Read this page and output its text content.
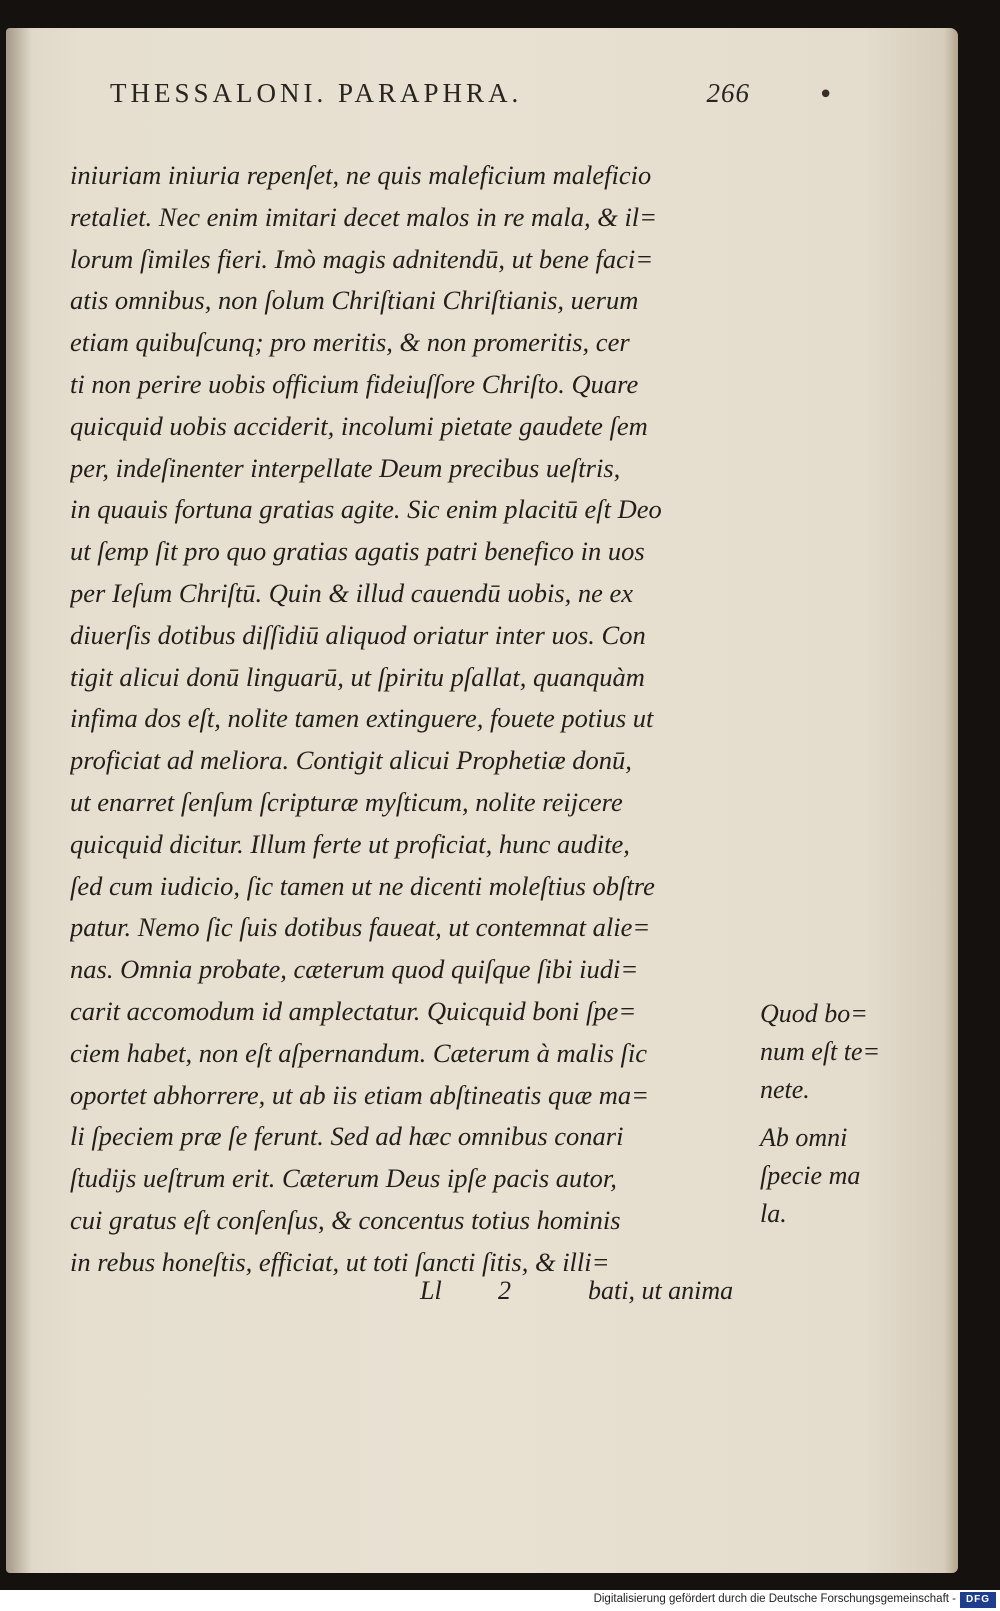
THESSALONI. PARAPHRA.	266	•
iniuriam iniuria repenſet, ne quis maleficium maleficio
retaliet. Nec enim imitari decet malos in re mala, & il=
lorum ſimiles fieri. Imò magis adnitendū, ut bene faci=
atis omnibus, non ſolum Chriſtiani Chriſtianis, uerum
etiam quibuſcunq; pro meritis, & non promeritis, cer
ti non perire uobis officium fideiuſſore Chriſto. Quare
quicquid uobis acciderit, incolumi pietate gaudete ſem
per, indeſinenter interpellate Deum precibus ueſtris,
in quauis fortuna gratias agite. Sic enim placitū eſt Deo
ut ſemp ſit pro quo gratias agatis patri benefico in uos
per Ieſum Chriſtū. Quin & illud cauendū uobis, ne ex
diuerſis dotibus diſſidiū aliquod oriatur inter uos. Con
tigit alicui donū linguarū, ut ſpiritu pſallat, quanquàm
infima dos eſt, nolite tamen extinguere, fouete potius ut
proficiat ad meliora. Contigit alicui Prophetiæ donū,
ut enarret ſenſum ſcripturæ myſticum, nolite reijcere
quicquid dicitur. Illum ferte ut proficiat, hunc audite,
ſed cum iudicio, ſic tamen ut ne dicenti moleſtius obſtre
patur. Nemo ſic ſuis dotibus faueat, ut contemnat alie=
nas. Omnia probate, cæterum quod quiſque ſibi iudi=
carit accomodum id amplectatur. Quicquid boni ſpe=
ciem habet, non eſt aſpernandum. Cæterum à malis ſic
oportet abhorrere, ut ab iis etiam abſtineatis quæ ma=
li ſpeciem præ ſe ferunt. Sed ad hæc omnibus conari
ſtudijs ueſtrum erit. Cæterum Deus ipſe pacis autor,
cui gratus eſt conſenſus, & concentus totius hominis
in rebus honeſtis, efficiat, ut toti ſancti ſitis, & illi=
Quod bo=
num eſt te=
nete.
Ab omni
ſpecie ma
la.
Ll 2	bati, ut anima
Digitalisierung gefördert durch die Deutsche Forschungsgemeinschaft - DFG
